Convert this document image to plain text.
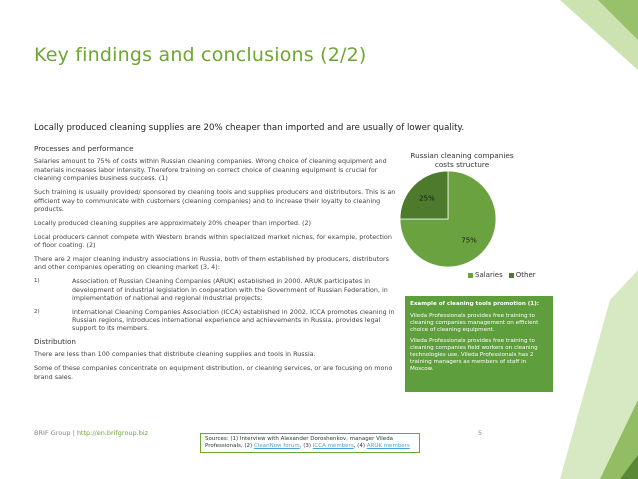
Key findings and conclusions (2/2)
Locally produced cleaning supplies are 20% cheaper than imported and are usually of lower quality.

Processes and performance

Salaries amount to 75% of costs within Russian cleaning companies. Wrong choice of cleaning equipment and materials increases labor intensity. Therefore training on correct choice of cleaning equipment is crucial for cleaning companies business success. (1)

Such training is usually provided/ sponsored by cleaning tools and supplies producers and distributors. This is an efficient way to communicate with customers (cleaning companies) and to increase their loyalty to cleaning products.

Locally produced cleaning supplies are approximately 20% cheaper than imported. (2)

Local producers cannot compete with Western brands within specialized market niches, for example, protection of floor coating. (2)

There are 2 major cleaning industry associations in Russia, both of them established by producers, distributors and other companies operating on cleaning market (3, 4):

1)	Association of Russian Cleaning Companies (ARUK) established in 2000. ARUK participates in development of industrial legislation in cooperation with the Government of Russian Federation, in implementation of national and regional industrial projects;
2)	International Cleaning Companies Association (ICCA) established in 2002. ICCA promotes cleaning in Russian regions, introduces international experience and achievements in Russia, provides legal support to its members.

Distribution

There are less than 100 companies that distribute cleaning supplies and tools in Russia.

Some of these companies concentrate on equipment distribution, or cleaning services, or are focusing on mono brand sales.

Russian cleaning companies costs structure
75%
25%
Salaries	Other

Example of cleaning tools promotion (1):

Vileda Professionals provides free training to cleaning companies management on efficient choice of cleaning equipment.

Vileda Professionals provides free training to cleaning companies field workers on cleaning technologies use. Vileda Professionals has 2 training managers as members of staff in Moscow.

BRIF Group | http://en.brifgroup.biz
Sources: (1) Interview with Alexander Doroshenkov, manager Vileda Professionals, (2) CleanNow forum, (3) ICCA members, (4) ARUK members
5
